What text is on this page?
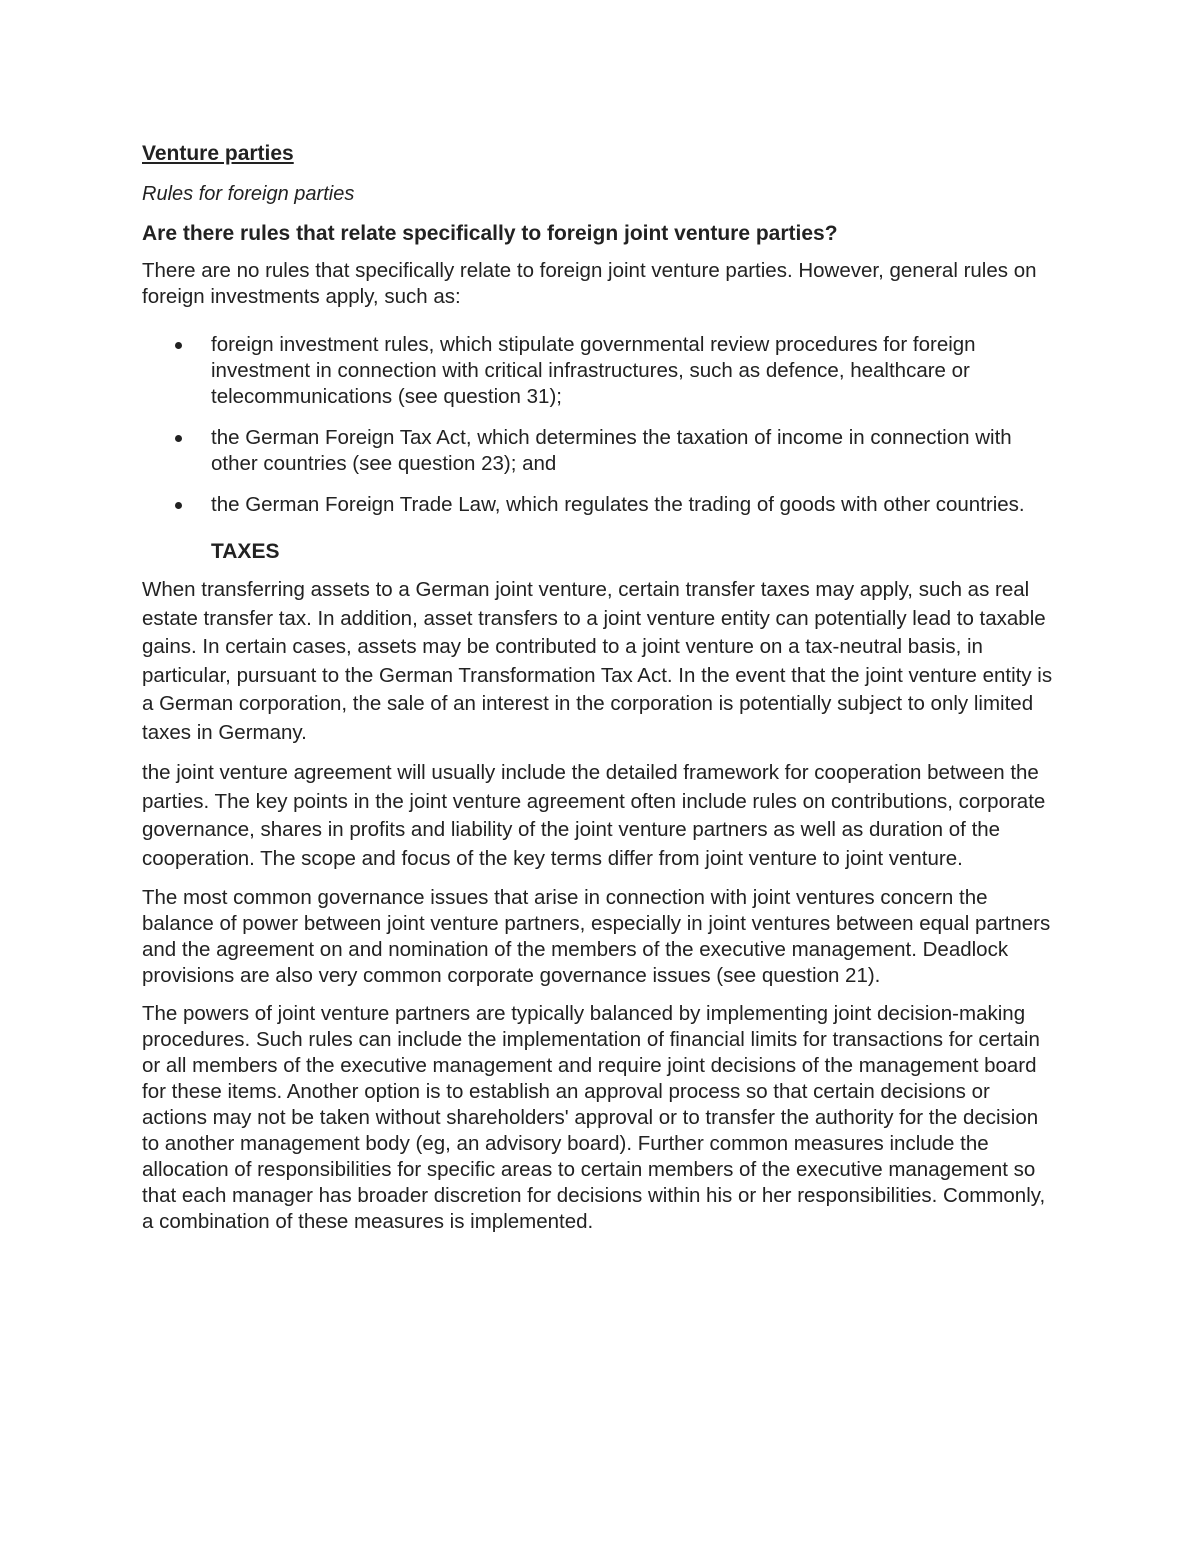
Venture parties
Rules for foreign parties
Are there rules that relate specifically to foreign joint venture parties?

There are no rules that specifically relate to foreign joint venture parties. However, general rules on foreign investments apply, such as:

foreign investment rules, which stipulate governmental review procedures for foreign investment in connection with critical infrastructures, such as defence, healthcare or telecommunications (see question 31);
the German Foreign Tax Act, which determines the taxation of income in connection with other countries (see question 23); and
the German Foreign Trade Law, which regulates the trading of goods with other countries.
TAXES

When transferring assets to a German joint venture, certain transfer taxes may apply, such as real estate transfer tax. In addition, asset transfers to a joint venture entity can potentially lead to taxable gains. In certain cases, assets may be contributed to a joint venture on a tax-neutral basis, in particular, pursuant to the German Transformation Tax Act. In the event that the joint venture entity is a German corporation, the sale of an interest in the corporation is potentially subject to only limited taxes in Germany.

the joint venture agreement will usually include the detailed framework for cooperation between the parties. The key points in the joint venture agreement often include rules on contributions, corporate governance, shares in profits and liability of the joint venture partners as well as duration of the cooperation. The scope and focus of the key terms differ from joint venture to joint venture.

The most common governance issues that arise in connection with joint ventures concern the balance of power between joint venture partners, especially in joint ventures between equal partners and the agreement on and nomination of the members of the executive management. Deadlock provisions are also very common corporate governance issues (see question 21).

The powers of joint venture partners are typically balanced by implementing joint decision-making procedures. Such rules can include the implementation of financial limits for transactions for certain or all members of the executive management and require joint decisions of the management board for these items. Another option is to establish an approval process so that certain decisions or actions may not be taken without shareholders' approval or to transfer the authority for the decision to another management body (eg, an advisory board). Further common measures include the allocation of responsibilities for specific areas to certain members of the executive management so that each manager has broader discretion for decisions within his or her responsibilities. Commonly, a combination of these measures is implemented.
